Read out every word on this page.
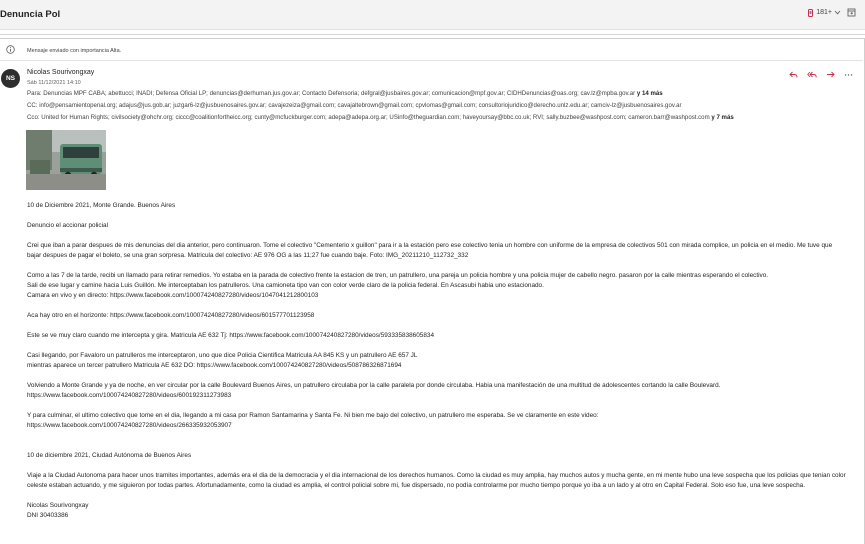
Denuncia Pol	181+
Mensaje enviado con importancia Alta.
NS
Nicolas Sourivongxay
Sáb 11/12/2021 14:10
Para: Denuncias MPF CABA; abettucci; INADI; Defensa Oficial LP; denuncias@derhuman.jus.gov.ar; Contacto Defensoria; defgral@jusbaires.gov.ar; comunicacion@mpf.gov.ar; CIDHDenuncias@oas.org; cav.lz@mpba.gov.ar y 14 más
CC: info@pensamientopenal.org; adajus@jus.gob.ar; juzgar6-lz@jusbuenosaires.gov.ar; cavajezeiza@gmail.com; cavajaltebrown@gmail.com; cpvlomas@gmail.com; consultoriojuridico@derecho.unlz.edu.ar; camciv-lz@jusbuenosaires.gov.ar
Cco: United for Human Rights; civilsociety@ohchr.org; ciccc@coalitionfortheicc.org; cunty@mcfuckburger.com; adepa@adepa.org.ar; USinfo@theguardian.com; haveyoursay@bbc.co.uk; RVI; sally.buzbee@washpost.com; cameron.barr@washpost.com y 7 más

10 de Diciembre 2021, Monte Grande. Buenos Aires

Denuncio el accionar policial

Crei que iban a parar despues de mis denuncias del dia anterior, pero continuaron. Tome el colectivo "Cementerio x guillon" para ir a la estación pero ese colectivo tenia un hombre con uniforme de la empresa de colectivos 501 con mirada complice, un policia en el medio. Me tuve que bajar despues de pagar el boleto, se una gran sorpresa. Matricula del colectivo: AE 976 OG a las 11;27 fue cuando baje. Foto: IMG_20211210_112732_332

Como a las 7 de la tarde, recibi un llamado para retirar remedios. Yo estaba en la parada de colectivo frente la estacion de tren, un patrullero, una pareja un policia hombre y una policia mujer de cabello negro. pasaron por la calle mientras esperando el colectivo.

Sali de ese lugar y camine hacia Luis Guillón. Me interceptaban los patrulleros. Una camioneta tipo van con color verde claro de la policia federal. En Ascasubi habia uno estacionado.

Camara en vivo y en directo: https://www.facebook.com/100074240827280/videos/1047041212800103

Aca hay otro en el horizonte: https://www.facebook.com/100074240827280/videos/601577701123958

Este se ve muy claro cuando me intercepta y gira. Matricula AE 632 Tj: https://www.facebook.com/100074240827280/videos/593335838605834

Casi llegando, por Favaloro un patrulleros me interceptaron, uno que dice Policia Cientifica Matricula AA 845 KS y un patrullero AE 657 JL

mientras aparece un tercer patrullero Matricula AE 632 DO: https://www.facebook.com/100074240827280/videos/508786326871694

Volviendo a Monte Grande y ya de noche, en ver circular por la calle Boulevard Buenos Aires, un patrullero circulaba por la calle paralela por donde circulaba. Habia una manifestación de una multitud de adolescentes cortando la calle Boulevard.

https://www.facebook.com/100074240827280/videos/600192311273983

Y para culminar, el ultimo colectivo que tome en el dia, llegando a mi casa por Ramon Santamarina y Santa Fe. Ni bien me bajo del colectivo, un patrullero me esperaba. Se ve claramente en este video:

https://www.facebook.com/100074240827280/videos/266335932053907

10 de diciembre 2021, Ciudad Autónoma de Buenos Aires

Viaje a la Ciudad Autonoma para hacer unos tramites importantes, además era el dia de la democracia y el dia internacional de los derechos humanos. Como la ciudad es muy amplia, hay muchos autos y mucha gente, en mi mente hubo una leve sospecha que los policias que tenian color celeste estaban actuando, y me siguieron por todas partes. Afortunadamente, como la ciudad es amplia, el control policial sobre mi, fue dispersado, no podía controlarme por mucho tiempo porque yo iba a un lado y al otro en Capital Federal. Solo eso fue, una leve sospecha.

Nicolas Sourivongxay

DNI 30403386
